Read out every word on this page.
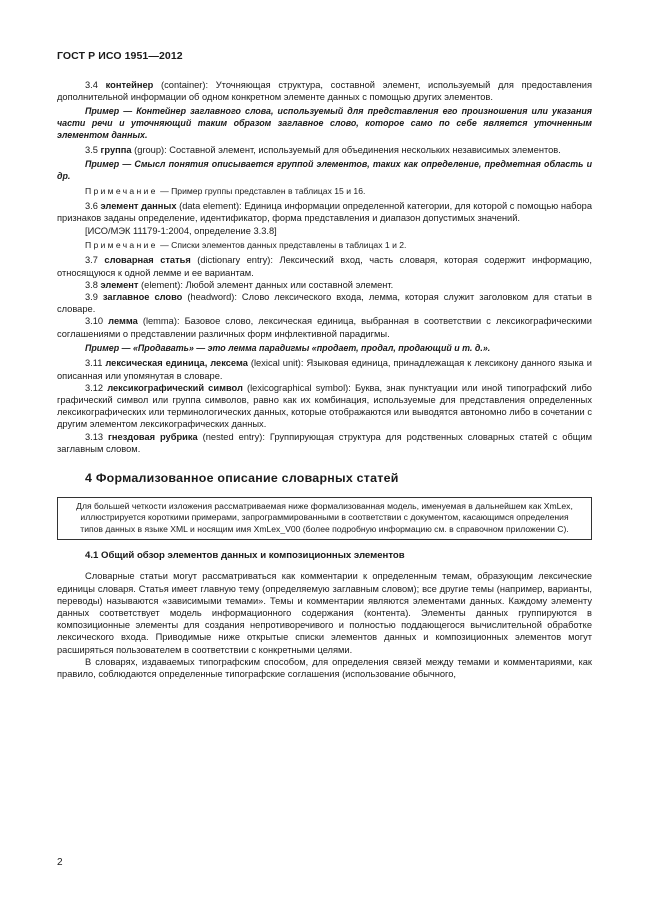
ГОСТ Р ИСО 1951—2012
3.4 контейнер (container): Уточняющая структура, составной элемент, используемый для предоставления дополнительной информации об одном конкретном элементе данных с помощью других элементов.
Пример — Контейнер заглавного слова, используемый для представления его произношения или указания части речи и уточняющий таким образом заглавное слово, которое само по себе является уточненным элементом данных.
3.5 группа (group): Составной элемент, используемый для объединения нескольких независимых элементов.
Пример — Смысл понятия описывается группой элементов, таких как определение, предметная область и др.
Примечание — Пример группы представлен в таблицах 15 и 16.
3.6 элемент данных (data element): Единица информации определенной категории, для которой с помощью набора признаков заданы определение, идентификатор, форма представления и диапазон допустимых значений.
[ИСО/МЭК 11179-1:2004, определение 3.3.8]
Примечание — Списки элементов данных представлены в таблицах 1 и 2.
3.7 словарная статья (dictionary entry): Лексический вход, часть словаря, которая содержит информацию, относящуюся к одной лемме и ее вариантам.
3.8 элемент (element): Любой элемент данных или составной элемент.
3.9 заглавное слово (headword): Слово лексического входа, лемма, которая служит заголовком для статьи в словаре.
3.10 лемма (lemma): Базовое слово, лексическая единица, выбранная в соответствии с лексикографическими соглашениями о представлении различных форм инфлективной парадигмы.
Пример — «Продавать» — это лемма парадигмы «продает, продал, продающий и т. д.».
3.11 лексическая единица, лексема (lexical unit): Языковая единица, принадлежащая к лексикону данного языка и описанная или упомянутая в словаре.
3.12 лексикографический символ (lexicographical symbol): Буква, знак пунктуации или иной типографский либо графический символ или группа символов, равно как их комбинация, используемые для представления определенных лексикографических или терминологических данных, которые отображаются или выводятся автономно либо в сочетании с другим элементом лексикографических данных.
3.13 гнездовая рубрика (nested entry): Группирующая структура для родственных словарных статей с общим заглавным словом.
4 Формализованное описание словарных статей
Для большей четкости изложения рассматриваемая ниже формализованная модель, именуемая в дальнейшем как XmLex, иллюстрируется короткими примерами, запрограммированными в соответствии с документом, касающимся определения типов данных в языке XML и носящим имя XmLex_V00 (более подробную информацию см. в справочном приложении С).
4.1 Общий обзор элементов данных и композиционных элементов
Словарные статьи могут рассматриваться как комментарии к определенным темам, образующим лексические единицы словаря. Статья имеет главную тему (определяемую заглавным словом); все другие темы (например, варианты, переводы) называются «зависимыми темами». Темы и комментарии являются элементами данных. Каждому элементу данных соответствует модель информационного содержания (контента). Элементы данных группируются в композиционные элементы для создания непротиворечивого и полностью поддающегося вычислительной обработке лексического входа. Приводимые ниже открытые списки элементов данных и композиционных элементов могут расширяться пользователем в соответствии с конкретными целями.
В словарях, издаваемых типографским способом, для определения связей между темами и комментариями, как правило, соблюдаются определенные типографские соглашения (использование обычного,
2
